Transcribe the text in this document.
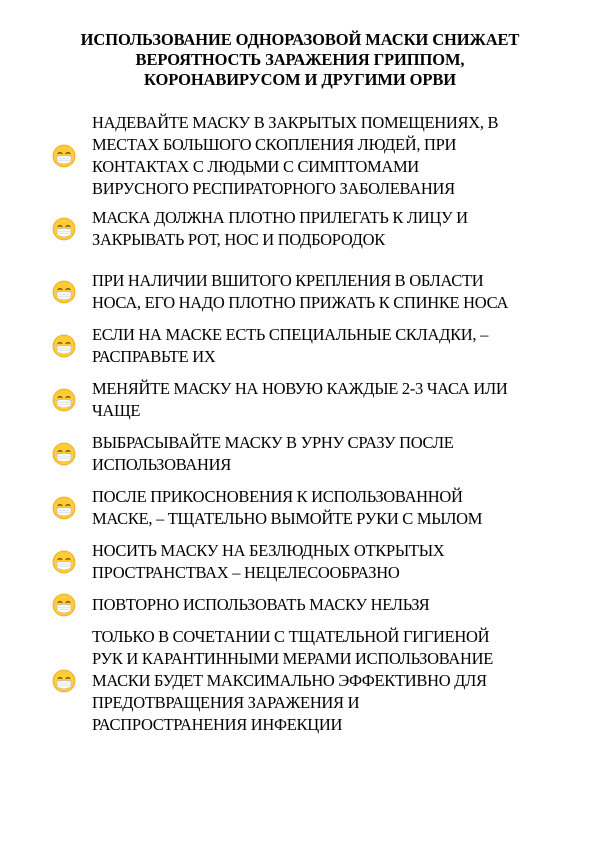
ИСПОЛЬЗОВАНИЕ ОДНОРАЗОВОЙ МАСКИ СНИЖАЕТ
ВЕРОЯТНОСТЬ ЗАРАЖЕНИЯ ГРИППОМ,
КОРОНАВИРУСОМ И ДРУГИМИ ОРВИ
НАДЕВАЙТЕ МАСКУ В ЗАКРЫТЫХ ПОМЕЩЕНИЯХ, В
МЕСТАХ БОЛЬШОГО СКОПЛЕНИЯ ЛЮДЕЙ, ПРИ
КОНТАКТАХ С ЛЮДЬМИ С СИМПТОМАМИ
ВИРУСНОГО РЕСПИРАТОРНОГО ЗАБОЛЕВАНИЯ
МАСКА ДОЛЖНА ПЛОТНО ПРИЛЕГАТЬ К ЛИЦУ И
ЗАКРЫВАТЬ РОТ, НОС И ПОДБОРОДОК
ПРИ НАЛИЧИИ ВШИТОГО КРЕПЛЕНИЯ В ОБЛАСТИ
НОСА, ЕГО НАДО ПЛОТНО ПРИЖАТЬ К СПИНКЕ НОСА
ЕСЛИ НА МАСКЕ ЕСТЬ СПЕЦИАЛЬНЫЕ СКЛАДКИ, –
РАСПРАВЬТЕ ИХ
МЕНЯЙТЕ МАСКУ НА НОВУЮ КАЖДЫЕ 2-3 ЧАСА ИЛИ
ЧАЩЕ
ВЫБРАСЫВАЙТЕ МАСКУ В УРНУ СРАЗУ ПОСЛЕ
ИСПОЛЬЗОВАНИЯ
ПОСЛЕ ПРИКОСНОВЕНИЯ К ИСПОЛЬЗОВАННОЙ
МАСКЕ, – ТЩАТЕЛЬНО ВЫМОЙТЕ РУКИ С МЫЛОМ
НОСИТЬ МАСКУ НА БЕЗЛЮДНЫХ ОТКРЫТЫХ
ПРОСТРАНСТВАХ – НЕЦЕЛЕСООБРАЗНО
ПОВТОРНО ИСПОЛЬЗОВАТЬ МАСКУ НЕЛЬЗЯ
ТОЛЬКО В СОЧЕТАНИИ С ТЩАТЕЛЬНОЙ ГИГИЕНОЙ
РУК И КАРАНТИННЫМИ МЕРАМИ ИСПОЛЬЗОВАНИЕ
МАСКИ БУДЕТ МАКСИМАЛЬНО ЭФФЕКТИВНО ДЛЯ
ПРЕДОТВРАЩЕНИЯ ЗАРАЖЕНИЯ И
РАСПРОСТРАНЕНИЯ ИНФЕКЦИИ
